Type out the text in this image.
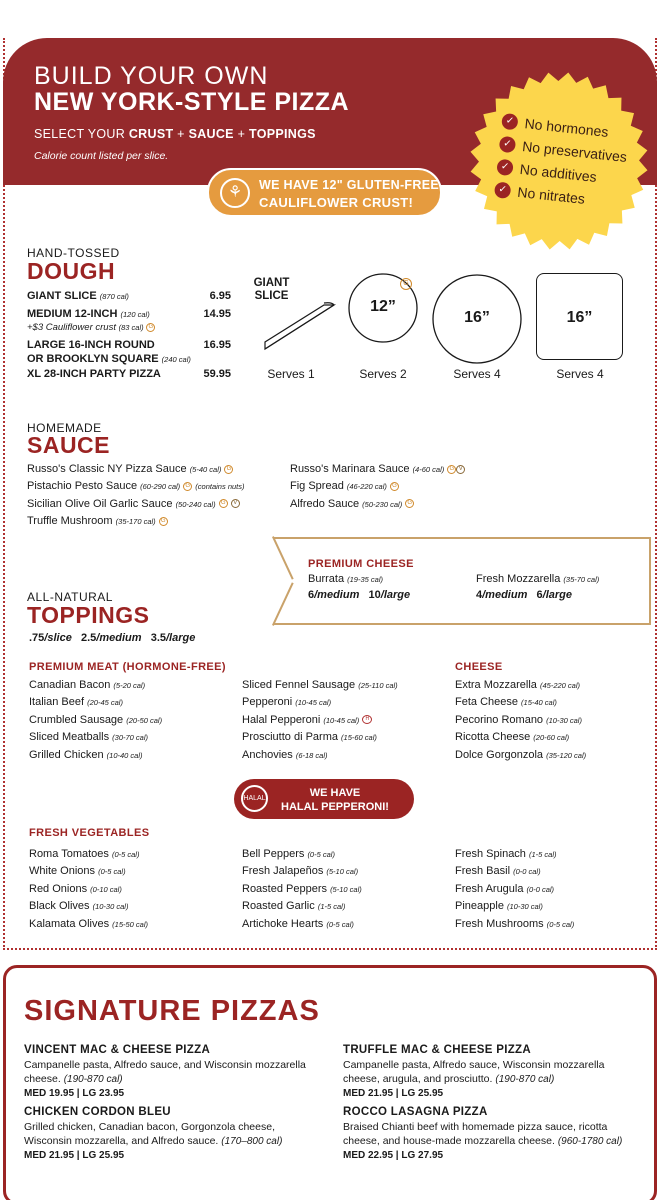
BUILD YOUR OWN
NEW YORK-STYLE PIZZA
SELECT YOUR CRUST + SAUCE + TOPPINGS
Calorie count listed per slice.
⚘	WE HAVE 12" GLUTEN-FREE
CAULIFLOWER CRUST!
✓ No hormones
✓ No preservatives
✓ No additives
✓ No nitrates
HAND-TOSSED
DOUGH
GIANT SLICE (870 cal)	6.95
MEDIUM 12-INCH (120 cal)	14.95
+$3 Cauliflower crust (83 cal) G
LARGE 16-INCH ROUND	16.95
OR BROOKLYN SQUARE (240 cal)
XL 28-INCH PARTY PIZZA	59.95
GIANT SLICE
G
12”
16”	16”
Serves 1	Serves 2	Serves 4	Serves 4
HOMEMADE
SAUCE
Russo's Classic NY Pizza Sauce (5-40 cal) G
Pistachio Pesto Sauce (60-290 cal) G (contains nuts)
Sicilian Olive Oil Garlic Sauce (50-240 cal) G V
Truffle Mushroom (35-170 cal) G
Russo's Marinara Sauce (4-60 cal) G V
Fig Spread (46-220 cal) G
Alfredo Sauce (50-230 cal) G
PREMIUM CHEESE
Burrata (19-35 cal)
6/medium 10/large
Fresh Mozzarella (35-70 cal)
4/medium 6/large
ALL-NATURAL
TOPPINGS
.75/slice 2.5/medium 3.5/large
PREMIUM MEAT (HORMONE-FREE)
Canadian Bacon (5-20 cal)
Italian Beef (20-45 cal)
Crumbled Sausage (20-50 cal)
Sliced Meatballs (30-70 cal)
Grilled Chicken (10-40 cal)
Sliced Fennel Sausage (25-110 cal)
Pepperoni (10-45 cal)
Halal Pepperoni (10-45 cal) H
Prosciutto di Parma (15-60 cal)
Anchovies (6-18 cal)
CHEESE
Extra Mozzarella (45-220 cal)
Feta Cheese (15-40 cal)
Pecorino Romano (10-30 cal)
Ricotta Cheese (20-60 cal)
Dolce Gorgonzola (35-120 cal)
HALAL	WE HAVE
HALAL PEPPERONI!
FRESH VEGETABLES
Roma Tomatoes (0-5 cal)
White Onions (0-5 cal)
Red Onions (0-10 cal)
Black Olives (10-30 cal)
Kalamata Olives (15-50 cal)
Bell Peppers (0-5 cal)
Fresh Jalapeños (5-10 cal)
Roasted Peppers (5-10 cal)
Roasted Garlic (1-5 cal)
Artichoke Hearts (0-5 cal)
Fresh Spinach (1-5 cal)
Fresh Basil (0-0 cal)
Fresh Arugula (0-0 cal)
Pineapple (10-30 cal)
Fresh Mushrooms (0-5 cal)
SIGNATURE PIZZAS
VINCENT MAC & CHEESE PIZZA
Campanelle pasta, Alfredo sauce, and Wisconsin mozzarella cheese. (190-870 cal)
MED 19.95 | LG 23.95
TRUFFLE MAC & CHEESE PIZZA
Campanelle pasta, Alfredo sauce, Wisconsin mozzarella cheese, arugula, and prosciutto. (190-870 cal)
MED 21.95 | LG 25.95
CHICKEN CORDON BLEU
Grilled chicken, Canadian bacon, Gorgonzola cheese, Wisconsin mozzarella, and Alfredo sauce. (170–800 cal)
MED 21.95 | LG 25.95
ROCCO LASAGNA PIZZA
Braised Chianti beef with homemade pizza sauce, ricotta cheese, and house-made mozzarella cheese. (960-1780 cal)
MED 22.95 | LG 27.95
